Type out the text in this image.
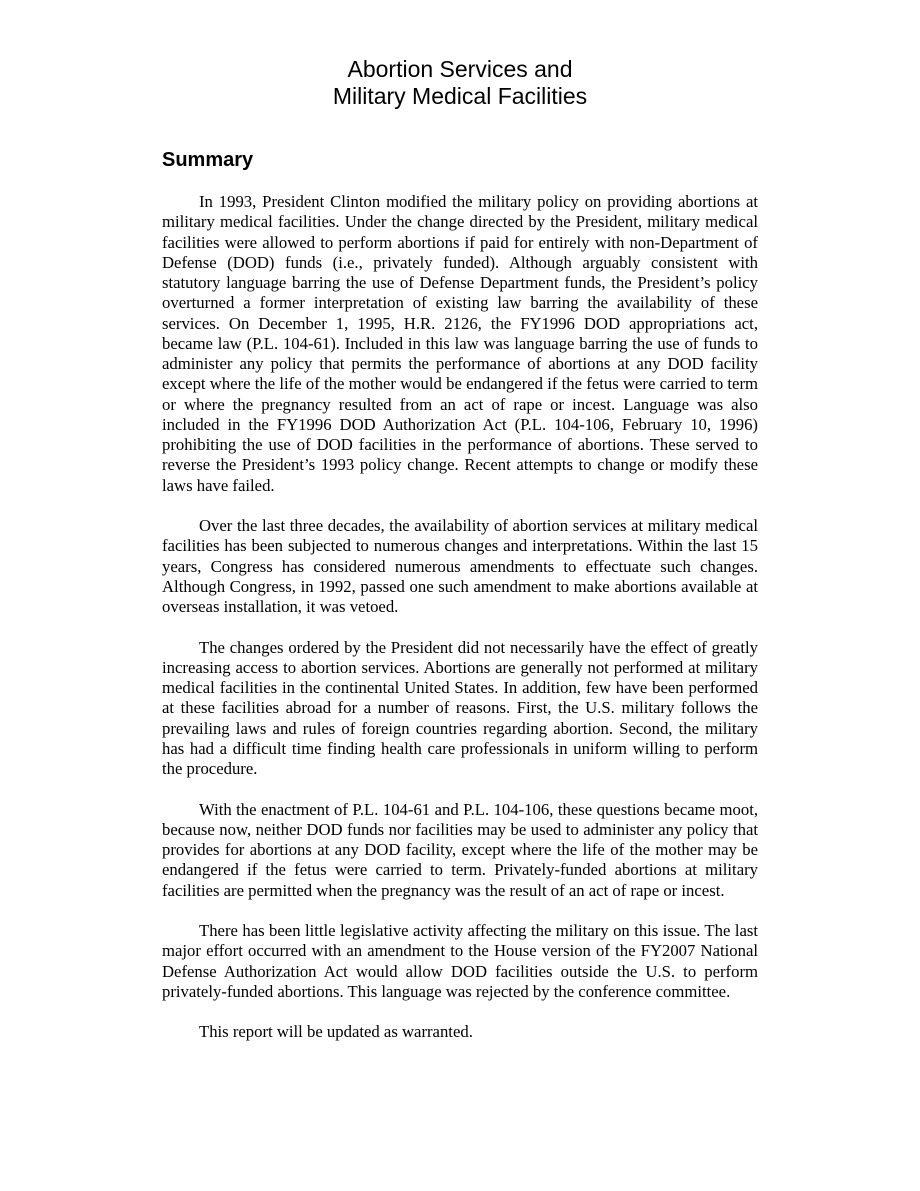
Abortion Services and
Military Medical Facilities
Summary

In 1993, President Clinton modified the military policy on providing abortions at military medical facilities. Under the change directed by the President, military medical facilities were allowed to perform abortions if paid for entirely with non-Department of Defense (DOD) funds (i.e., privately funded). Although arguably consistent with statutory language barring the use of Defense Department funds, the President’s policy overturned a former interpretation of existing law barring the availability of these services. On December 1, 1995, H.R. 2126, the FY1996 DOD appropriations act, became law (P.L. 104-61). Included in this law was language barring the use of funds to administer any policy that permits the performance of abortions at any DOD facility except where the life of the mother would be endangered if the fetus were carried to term or where the pregnancy resulted from an act of rape or incest. Language was also included in the FY1996 DOD Authorization Act (P.L. 104-106, February 10, 1996) prohibiting the use of DOD facilities in the performance of abortions. These served to reverse the President’s 1993 policy change. Recent attempts to change or modify these laws have failed.

Over the last three decades, the availability of abortion services at military medical facilities has been subjected to numerous changes and interpretations. Within the last 15 years, Congress has considered numerous amendments to effectuate such changes. Although Congress, in 1992, passed one such amendment to make abortions available at overseas installation, it was vetoed.

The changes ordered by the President did not necessarily have the effect of greatly increasing access to abortion services. Abortions are generally not performed at military medical facilities in the continental United States. In addition, few have been performed at these facilities abroad for a number of reasons. First, the U.S. military follows the prevailing laws and rules of foreign countries regarding abortion. Second, the military has had a difficult time finding health care professionals in uniform willing to perform the procedure.

With the enactment of P.L. 104-61 and P.L. 104-106, these questions became moot, because now, neither DOD funds nor facilities may be used to administer any policy that provides for abortions at any DOD facility, except where the life of the mother may be endangered if the fetus were carried to term. Privately-funded abortions at military facilities are permitted when the pregnancy was the result of an act of rape or incest.

There has been little legislative activity affecting the military on this issue. The last major effort occurred with an amendment to the House version of the FY2007 National Defense Authorization Act would allow DOD facilities outside the U.S. to perform privately-funded abortions. This language was rejected by the conference committee.

This report will be updated as warranted.
